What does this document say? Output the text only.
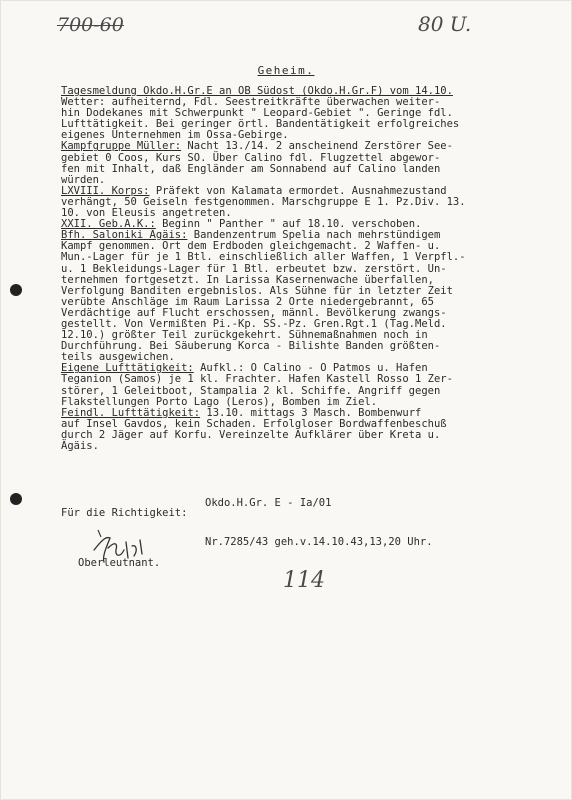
700-60	80 U.
Geheim.
Tagesmeldung Okdo.H.Gr.E an OB Südost (Okdo.H.Gr.F) vom 14.10.
Wetter: aufheiternd, Fdl. Seestreitkräfte überwachen weiter-
hin Dodekanes mit Schwerpunkt " Leopard-Gebiet ". Geringe fdl.
Lufttätigkeit. Bei geringer örtl. Bandentätigkeit erfolgreiches
eigenes Unternehmen im Ossa-Gebirge.
Kampfgruppe Müller: Nacht 13./14. 2 anscheinend Zerstörer See-
gebiet 0 Coos, Kurs SO. Über Calino fdl. Flugzettel abgewor-
fen mit Inhalt, daß Engländer am Sonnabend auf Calino landen
würden.
LXVIII. Korps: Präfekt von Kalamata ermordet. Ausnahmezustand
verhängt, 50 Geiseln festgenommen. Marschgruppe E 1. Pz.Div. 13.
10. von Eleusis angetreten.
XXII. Geb.A.K.: Beginn " Panther " auf 18.10. verschoben.
Bfh. Saloniki Ägäis: Bandenzentrum Spelia nach mehrstündigem
Kampf genommen. Ort dem Erdboden gleichgemacht. 2 Waffen- u.
Mun.-Lager für je 1 Btl. einschließlich aller Waffen, 1 Verpfl.-
u. 1 Bekleidungs-Lager für 1 Btl. erbeutet bzw. zerstört. Un-
ternehmen fortgesetzt. In Larissa Kasernenwache überfallen,
Verfolgung Banditen ergebnislos. Als Sühne für in letzter Zeit
verübte Anschläge im Raum Larissa 2 Orte niedergebrannt, 65
Verdächtige auf Flucht erschossen, männl. Bevölkerung zwangs-
gestellt. Von Vermißten Pi.-Kp. SS.-Pz. Gren.Rgt.1 (Tag.Meld.
12.10.) größter Teil zurückgekehrt. Sühnemaßnahmen noch in
Durchführung. Bei Säuberung Korca - Bilishte Banden größten-
teils ausgewichen.
Eigene Lufttätigkeit: Aufkl.: O Calino - O Patmos u. Hafen
Teganion (Samos) je 1 kl. Frachter. Hafen Kastell Rosso 1 Zer-
störer, 1 Geleitboot, Stampalia 2 kl. Schiffe. Angriff gegen
Flakstellungen Porto Lago (Leros), Bomben im Ziel.
Feindl. Lufttätigkeit: 13.10. mittags 3 Masch. Bombenwurf
auf Insel Gavdos, kein Schaden. Erfolgloser Bordwaffenbeschuß
durch 2 Jäger auf Korfu. Vereinzelte Aufklärer über Kreta u.
Ägäis.

Okdo.H.Gr. E - Ia/01

Nr.7285/43 geh.v.14.10.43,13,20 Uhr.

Für die Richtigkeit:
Oberleutnant.
114
